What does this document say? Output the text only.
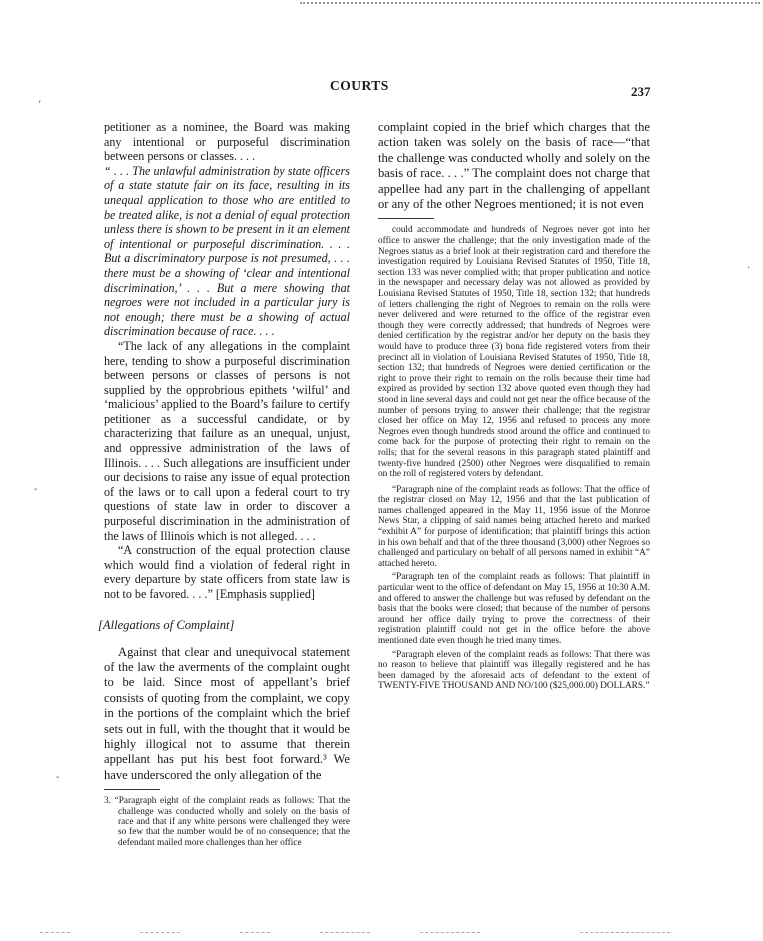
COURTS	237
’
-
-
.

petitioner as a nominee, the Board was making any intentional or purposeful discrimination between persons or classes. . . .

“ . . . The unlawful administration by state officers of a state statute fair on its face, resulting in its unequal application to those who are entitled to be treated alike, is not a denial of equal protection unless there is shown to be present in it an element of intentional or purposeful discrimination. . . . But a discriminatory purpose is not presumed, . . . there must be a showing of ‘clear and intentional discrimination,’ . . . But a mere showing that negroes were not included in a particular jury is not enough; there must be a showing of actual discrimination because of race. . . .

“The lack of any allegations in the complaint here, tending to show a purposeful discrimination between persons or classes of persons is not supplied by the opprobrious epithets ‘wilful’ and ‘malicious’ applied to the Board’s failure to certify petitioner as a successful candidate, or by characterizing that failure as an unequal, unjust, and oppressive administration of the laws of Illinois. . . . Such allegations are insufficient under our decisions to raise any issue of equal protection of the laws or to call upon a federal court to try questions of state law in order to discover a purposeful discrimination in the administration of the laws of Illinois which is not alleged. . . .

“A construction of the equal protection clause which would find a violation of federal right in every departure by state officers from state law is not to be favored. . . .” [Emphasis supplied]

[Allegations of Complaint]

Against that clear and unequivocal statement of the law the averments of the complaint ought to be laid. Since most of appellant’s brief consists of quoting from the complaint, we copy in the portions of the complaint which the brief sets out in full, with the thought that it would be highly illogical not to assume that therein appellant has put his best foot forward.³ We have underscored the only allegation of the

3. “Paragraph eight of the complaint reads as follows: That the challenge was conducted wholly and solely on the basis of race and that if any white persons were challenged they were so few that the number would be of no consequence; that the defendant mailed more challenges than her office

complaint copied in the brief which charges that the action taken was solely on the basis of race—“that the challenge was conducted wholly and solely on the basis of race. . . .” The complaint does not charge that appellee had any part in the challenging of appellant or any of the other Negroes mentioned; it is not even

could accommodate and hundreds of Negroes never got into her office to answer the challenge; that the only investigation made of the Negroes status as a brief look at their registration card and therefore the investigation required by Louisiana Revised Statutes of 1950, Title 18, section 133 was never complied with; that proper publication and notice in the newspaper and necessary delay was not allowed as provided by Louisiana Revised Statutes of 1950, Title 18, section 132; that hundreds of letters challenging the right of Negroes to remain on the rolls were never delivered and were returned to the office of the registrar even though they were correctly addressed; that hundreds of Negroes were denied certification by the registrar and/or her deputy on the basis they would have to produce three (3) bona fide registered voters from their precinct all in violation of Louisiana Revised Statutes of 1950, Title 18, section 132; that hundreds of Negroes were denied certification or the right to prove their right to remain on the rolls because their time had expired as provided by section 132 above quoted even though they had stood in line several days and could not get near the office because of the number of persons trying to answer their challenge; that the registrar closed her office on May 12, 1956 and refused to process any more Negroes even though hundreds stood around the office and continued to come back for the purpose of protecting their right to remain on the rolls; that for the several reasons in this paragraph stated plaintiff and twenty-five hundred (2500) other Negroes were disqualified to remain on the roll of registered voters by defendant.

“Paragraph nine of the complaint reads as follows: That the office of the registrar closed on May 12, 1956 and that the last publication of names challenged appeared in the May 11, 1956 issue of the Monroe News Star, a clipping of said names being attached hereto and marked “exhibit A” for purpose of identification; that plaintiff brings this action in his own behalf and that of the three thousand (3,000) other Negroes so challenged and particulary on behalf of all persons named in exhibit “A” attached hereto.

“Paragraph ten of the complaint reads as follows: That plaintiff in particular went to the office of defendant on May 15, 1956 at 10:30 A.M. and offered to answer the challenge but was refused by defendant on the basis that the books were closed; that because of the number of persons around her office daily trying to prove the correctness of their registration plaintiff could not get in the office before the above mentioned date even though he tried many times.

“Paragraph eleven of the complaint reads as follows: That there was no reason to believe that plaintiff was illegally registered and he has been damaged by the aforesaid acts of defendant to the extent of TWENTY-FIVE THOUSAND AND NO/100 ($25,000.00) DOLLARS.”
